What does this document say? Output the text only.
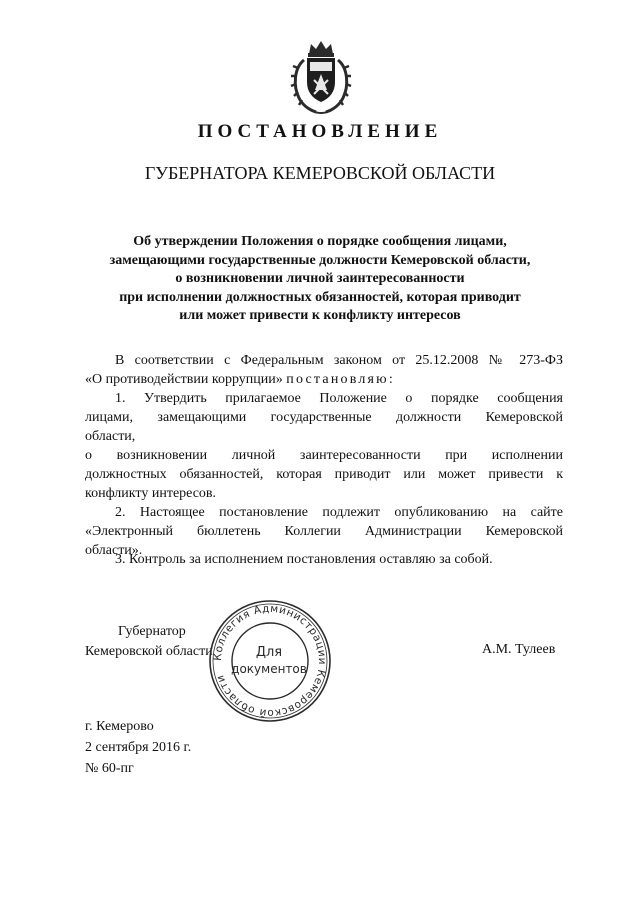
ПОСТАНОВЛЕНИЕ
ГУБЕРНАТОРА КЕМЕРОВСКОЙ ОБЛАСТИ
Об утверждении Положения о порядке сообщения лицами,
замещающими государственные должности Кемеровской области,
о возникновении личной заинтересованности
при исполнении должностных обязанностей, которая приводит
или может привести к конфликту интересов
В соответствии с Федеральным законом от 25.12.2008 № 273-ФЗ
«О противодействии коррупции» постановляю:
1. Утвердить прилагаемое Положение о порядке сообщения
лицами, замещающими государственные должности Кемеровской
области,
о возникновении личной заинтересованности при исполнении
должностных обязанностей, которая приводит или может привести к
конфликту интересов.
2. Настоящее постановление подлежит опубликованию на сайте
«Электронный бюллетень Коллегии Администрации Кемеровской
области».
3. Контроль за исполнением постановления оставляю за собой.
Губернатор
Кемеровской области	А.М. Тулеев
Коллегия Администрации Кемеровской области
Для
документов
г. Кемерово
2 сентября 2016 г.
№ 60-пг
